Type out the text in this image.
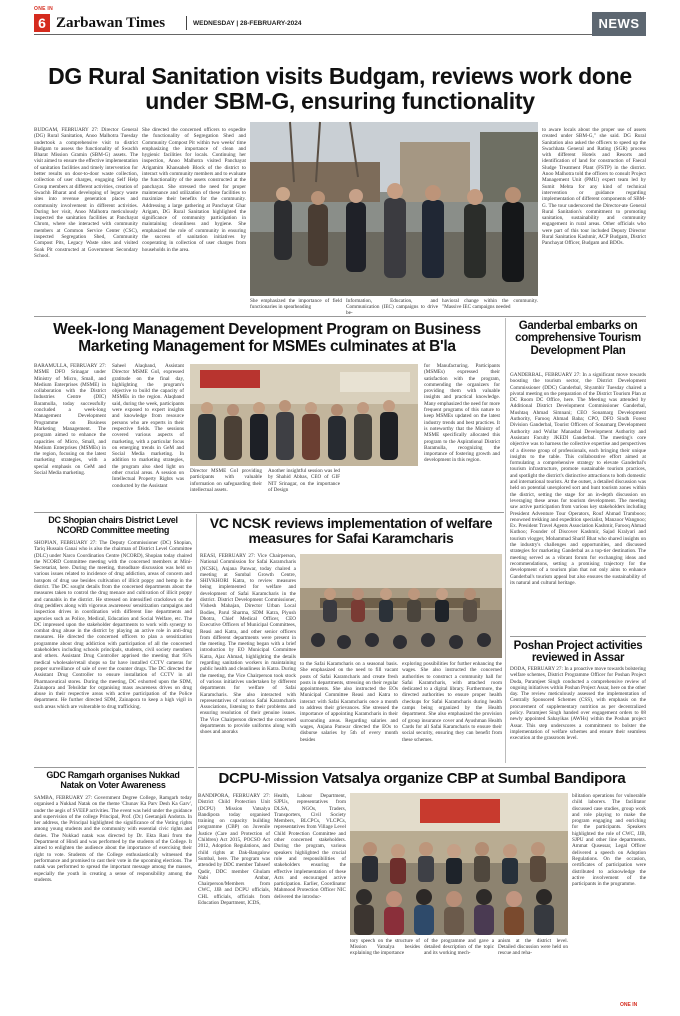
ONE IN
6 Zarbawan Times	WEDNESDAY | 28-FEBRUARY-2024	NEWS
DG Rural Sanitation visits Budgam, reviews work done under SBM-G, ensuring functionality

BUDGAM, FEBRUARY 27: Director General (DG) Rural Sanitation, Anoo Malhotra Tuesday undertook a comprehensive visit to district Budgam to assess the functionality of Swachh Bharat Mission Gramin (SBM-G) assets. The visit aimed to ensure the effective implementation of sanitation facilities and timely intervention for better results on door-to-door waste collection, collection of user charges, engaging Self Help Group members at different activities, creation of Swachh Bharat and developing of legacy waste sites into revenue generation places and community involvement in different activities. During her visit, Anoo Malhotra meticulously inspected the sanitation facilities at Panchayat Chrom, where she interacted with community members at Common Service Center (CSC), inspected Segregation Shed, Community Compost Pits, Legacy Waste sites and visited Soak Pit constructed at Government Secondary School.

She directed the concerned officers to expedite the functionality of Segregation Shed and Community Compost Pit within two weeks' time emphasizing the importance of clean and hygienic facilities for locals. Continuing her inspection, Anoo Malhotra visited Panchayat Arigamim Khansaheb Block of the district to interact with community members and to evaluate the functionality of the assets constructed at the panchayat. She stressed the need for proper maintenance and utilization of these facilities to maximize their benefits for the community. Addressing a large gathering at Panchayat Ghar Arigam, DG Rural Sanitation highlighted the significance of community participation in maintaining cleanliness and hygiene. She emphasized the role of community in ensuring the success of sanitation initiatives by cooperating in collection of user charges from households in the area.

She emphasized the importance of field functionaries in spearheading
Information, Education, and Communication (IEC) campaigns to drive be-
havioral change within the community. "Massive IEC campaigns needed

to aware locals about the proper use of assets created under SBM-G," she said. DG Rural Sanitation also asked the officers to speed up the Swachhata General and Rating (SGR) process with different Hotels and Resorts and identification of land for construction of Faecal Sludge Treatment Plant (FSTP) in the district. Anoo Malhotra told the officers to consult Project Management Unit (PMU) expert team led by Sumit Mehta for any kind of technical intervention or guidance regarding implementation of different components of SBM-G. The tour underscored the Director-ate General Rural Sanitation's commitment to promoting sanitation, sustainability and community engagement in rural areas. Other officials who were part of this tour included Deputy Director Rural Sanitation Kashmir, ACP Budgam, District Panchayat Officer, Budgam and BDOs.

Week-long Management Development Program on Business Marketing Management for MSMEs culminates at B'la

BARAMULLA, FEBRUARY 27: MSME DFO Srinagar under Ministry of Micro, Small, and Medium Enterprises (MSME) in collaboration with the District Industries Centre (DIC) Baramulla, today successfully concluded a week-long Management Development Programme on Business Marketing Management. The program aimed to enhance the capacities of Micro, Small, and Medium Enterprises (MSMEs) in the region, focusing on the latest marketing strategies, with a special emphasis on GeM and Social Media marketing.

Saheel Alaqband, Assistant Director MSME GoI, expressed gratitude on the final day, highlighting the program's objective to build the capacity of MSMEs in the region. Alaqband said, during the week, participants were exposed to expert insights and knowledge from resource persons who are experts in their respective fields. The sessions covered various aspects of marketing, with a particular focus on emerging trends in GeM and Social Media marketing. In addition to marketing strategies, the program also shed light on other crucial areas. A session on Intellectual Property Rights was conducted by the Assistant

Director MSME GoI providing participants with valuable information on safeguarding their intellectual assets.

Another insightful session was led by Shahid Abbas, CEO of GIF NIT Srinagar, on the importance of Design

for Manufacturing. Participants (MSMEs) expressed their satisfaction with the program, commending the organizers for providing them with valuable insights and practical knowledge. Many emphasized the need for more frequent programs of this nature to keep MSMEs updated on the latest industry trends and best practices. It is noteworthy that the Ministry of MSME specifically allocated this program to the Aspirational District Baramulla, recognizing the importance of fostering growth and development in this region.

Ganderbal embarks on comprehensive Tourism Development Plan

GANDERBAL, FEBRUARY 27: In a significant move towards boosting the tourism sector, the District Development Commissioner (DDC) Ganderbal, Shyambir Tuesday chaired a pivotal meeting on the preparation of the District Tourism Plan at DC Room DC Office, here. The Meeting was attended by Additional District Development Commissioner Ganderbal, Mushtaq Ahmad Simnani; CEO Sonamarg Development Authority, Farooq Ahmad Baba; CPO, DFO Sindh Forest Division Ganderbal, Tourist Officers of Sonamarg Development Authority and Wullar Manasbal Development Authority and Assistant Faculty JKEDI Ganderbal. The meeting's core objective was to harness the collective expertise and perspectives of a diverse group of professionals, each bringing their unique insights to the table. This collaborative effort aimed at formulating a comprehensive strategy to elevate Ganderbal's tourism infrastructure, promote sustainable tourism practices, and spotlight the district's distinctive attractions to both domestic and international tourists. At the outset, a detailed discussion was held on potential unexplored sort and hunt tourism zones within the district, setting the stage for an in-depth discussion on leveraging these areas for tourism development. The meeting saw active participation from various key stakeholders including President Adventure Tour Operators, Rouf Ahmad Trambooo; renowned trekking and expedition specialist, Manzoor Wangnoo; Ex. President Travel Agents Association Kashmir, Farooq Ahmad Kuthoo; Founder of Discover Kashmir, Sajad Kralyari and tourism vlogger, Mohammad Sharif Bhat who shared insights on the industry's challenges and opportunities, and discussed strategies for marketing Ganderbal as a top-tier destination. The meeting served as a vibrant forum for exchanging ideas and recommendations, setting a promising trajectory for the development of a tourism plan that not only aims to enhance Ganderbal's tourism appeal but also ensures the sustainability of its natural and cultural heritage.

DC Shopian chairs District Level NCORD Committee meeting

SHOPIAN, FEBRUARY 27: The Deputy Commissioner (DC) Shopian, Tariq Hussain Ganai who is also the chairman of District Level Committee (DLC) under Narco Coordination Centre (NCORD), Shopian today chaired the NCORD Committee meeting with the concerned members at Mini-Secretariat, here. During the meeting, threadbare discussion was held on various issues related to incidence of drug addiction, areas of concern and hotspots of drug use besides cultivation of illicit poppy and hemp in the district. The DC sought details from the concerned departments about the measures taken to control the drug menace and cultivation of illicit poppy and cannabis in the district. He stressed on intensified crackdown on the drug peddlers along with vigorous awareness/ sensitization campaigns and inspection drives in coordination with different line departments and agencies such as Police, Medical, Education and Social Welfare, etc. The DC impressed upon the stakeholder departments to work with synergy to combat drug abuse in the district by playing an active role in anti-drug measures. He directed the concerned officers to plan a sensitization programme about drug addiction with participation of all the concerned stakeholders including schools principals, students, civil society members and others. Assistant Drug Controller apprised the meeting that 95% medical wholesale/retail shops so far have installed CCTV cameras for proper surveillance of sale of over the counter drugs. The DC directed the Assistant Drug Controller to ensure installation of CCTV in all Pharmaceutical stores. During the meeting, DC exhorted upon the SDM, Zainapora and Tehsildar for organising mass awareness drives on drug abuse in their respective areas with active participation of the Police department. He further directed SDM, Zainapora to keep a high vigil in such areas which are vulnerable to drug trafficking.

VC NCSK reviews implementation of welfare measures for Safai Karamcharis

REASI, FEBRUARY 27: Vice Chairperson, National Commission for Safai Karamcharis (NCSK), Anjana Panwar, today chaired a meeting at Sumbal Growth Centre, SHIVKHORI Katra, to review measures being implemented for welfare and development of Safai Karamcharis in the district. District Development Commissioner, Vishesh Mahajan, Director Urban Local Bodies, Parul Sharma, SDM Katra, Piyush Dhotra, Chief Medical Officer, CEO Executive Officers of Municipal Committees, Reasi and Katra, and other senior officers from different departments were present in the meeting. The meeting began with a brief introduction by EO Municipal Committee Katra, Ajaz Ahmad, highlighting the details regarding sanitation workers in maintaining public health and cleanliness in Katra. During the meeting, the Vice Chairperson took stock of various initiatives undertaken by different departments for welfare of Safai Karamcharis. She also interacted with representatives of various Safai Karamcharis Associations, listening to their problems and ensuring resolution of their genuine issues. The Vice Chairperson directed the concerned departments to provide uniforms along with shoes and anoraks

to the Safai Karamcharis on a seasonal basis. She emphasized on the need to fill vacant posts of Safai Karamcharis and create fresh posts in departments, stressing on their regular appointments. She also instructed the EOs Municipal Committee Reasi and Katra to interact with Safai Karamcharis once a month to address their grievances. She stressed the importance of appointing Karamcharis in their surrounding areas. Regarding salaries and wages, Anjana Panwar directed the EOs to disburse salaries by 5th of every month besides

exploring possibilities for further enhancing the wages. She also instructed the concerned authorities to construct a community hall for Safai Karamcharis, with attached room dedicated to a digital library. Furthermore, the directed authorities to ensure proper health checkups for Safai Karamcharis during health camps being organized by the Health department. She also emphasized the provision of group insurance cover and Ayushman Health Cards for all Safai Karamcharis to ensure their social security, ensuring they can benefit from these schemes.

Poshan Project activities reviewed in Assar

DODA, FEBRUARY 27: In a proactive move towards bolstering welfare schemes, District Programme Officer for Poshan Project Doda, Paramjeet Singh conducted a comprehensive review of ongoing initiatives within Poshan Project Assar, here on the other day. The review meticulously assessed the implementation of Centrally Sponsored Schemes (CSS), with emphasis on the procurement of supplementary nutrition as per decentralized policy. Paramjeet Singh handed over engagement orders to 08 newly appointed Sahayikas (AWHs) within the Poshan project Assar. This step underscores a commitment to bolster the implementation of welfare schemes and ensure their seamless execution at the grassroots level.

GDC Ramgarh organises Nukkad Natak on Voter Awareness

SAMBA, FEBRUARY 27: Government Degree College, Ramgarh today organised a Nukkad Natak on the theme 'Chunav Ka Parv Desh Ka Garv', under the aegis of SVEEP activities. The event was held under the guidance and supervision of the college Principal, Prof. (Dr.) Geetanjali Andotra. In her address, the Principal highlighted the significance of the Voting rights among young students and the community with essential civic rights and duties. The Nukkad natak was directed by Dr. Ekta Rani from the Department of Hindi and was performed by the students of the College. It aimed to enlighten the audience about the importance of exercising their right to vote. Students of the College enthusiastically witnessed the performance and promised to cast their vote in the upcoming elections. The natak was performed to spread the important message among the masses, especially the youth in creating a sense of responsibility among the students.

DCPU-Mission Vatsalya organize CBP at Sumbal Bandipora

BANDIPORA, FEBRUARY 27: District Child Protection Unit (DCPU) Mission Vatsalya Bandipora today organised training on capacity building programme (CBP) on Juvenile Justice (Care and Protection of Children) Act 2015, POCSO Act 2012, Adoption Regulations, and child rights at Dak-Bangalow Sumbal, here. The program was attended by DDC member Tahseef Qadir, DDC member Ghulam Nabi Ambar, Chairperson/Members from CWC, JJB and DCPU officials, CHL officials, officials from Education Department, ICDS,

Health, Labour Department, SJPUs, representatives from DLSA, NGOs, Traders, Transporters, Civil Society Members, BLCPCs, VLCPCs, representatives from Village Level Child Protection Committee and other concerned stakeholders. During the program, various speakers highlighted the crucial role and responsibilities of stakeholders ensuring the effective implementation of these Acts and encouraged active participation. Earlier, Coordinator Mahmood Protection Officer NIC delivered the introduc-

tory speech on the structure of Mission Vatsalya besides explaining the importance
of the programme and gave a detailed description of the topic and its working mech-
anism at the district level. Detailed discussion were held on rescue and reha-

bilitation operations for vulnerable child laborers. The facilitator discussed case studies, group work and role playing to make the program engaging and enriching for the participants. Speakers highlighted the role of CWC, JJB, SJPU and other line departments. Ammat Qusessar, Legal Officer delivered a speech on Adoption Regulations. On the occasion, certificates of participation were distributed to acknowledge the active involvement of the participants in the programme.

ONE IN
